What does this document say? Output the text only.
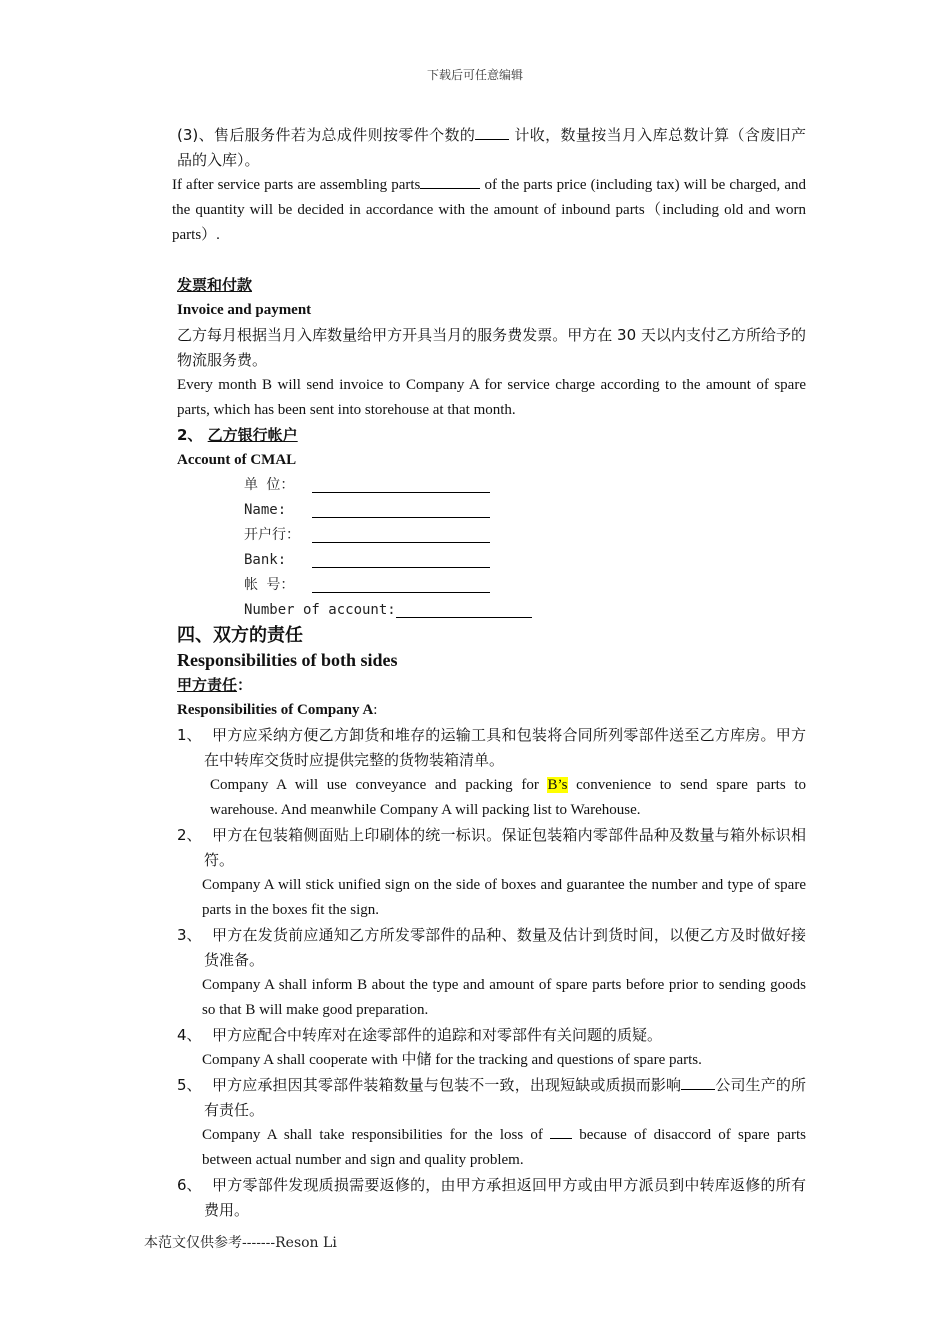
下载后可任意编辑

(3)、售后服务件若为总成件则按零件个数的 计收，数量按当月入库总数计算（含废旧产品的入库）。

If after service parts are assembling parts	of the parts price (including tax) will be charged, and the quantity will be decided in accordance with the amount of inbound parts（including old and worn parts）.

发票和付款

Invoice and payment

乙方每月根据当月入库数量给甲方开具当月的服务费发票。甲方在 30 天以内支付乙方所给予的物流服务费。

Every month B will send invoice to Company A for service charge according to the amount of spare parts, which has been sent into storehouse at that month.

2、 乙方银行帐户

Account of CMAL

单 位：
Name:
开户行：
Bank:
帐 号：
Number of account:

四、双方的责任

Responsibilities of both sides

甲方责任：

Responsibilities of Company A:

1、 甲方应采纳方便乙方卸货和堆存的运输工具和包装将合同所列零部件送至乙方库房。甲方在中转库交货时应提供完整的货物装箱清单。

Company A will use conveyance and packing for B’s convenience to send spare parts to warehouse. And meanwhile Company A will packing list to Warehouse.

2、 甲方在包装箱侧面贴上印刷体的统一标识。保证包装箱内零部件品种及数量与箱外标识相符。

Company A will stick unified sign on the side of boxes and guarantee the number and type of spare parts in the boxes fit the sign.

3、 甲方在发货前应通知乙方所发零部件的品种、数量及估计到货时间，以便乙方及时做好接货准备。

Company A shall inform B about the type and amount of spare parts before prior to sending goods so that B will make good preparation.

4、 甲方应配合中转库对在途零部件的追踪和对零部件有关问题的质疑。

Company A shall cooperate with 中储 for the tracking and questions of spare parts.

5、 甲方应承担因其零部件装箱数量与包装不一致，出现短缺或质损而影响 公司生产的所有责任。

Company A shall take responsibilities for the loss of  because of disaccord of spare parts between actual number and sign and quality problem.

6、 甲方零部件发现质损需要返修的，由甲方承担返回甲方或由甲方派员到中转库返修的所有费用。

本范文仅供参考-------Reson Li
